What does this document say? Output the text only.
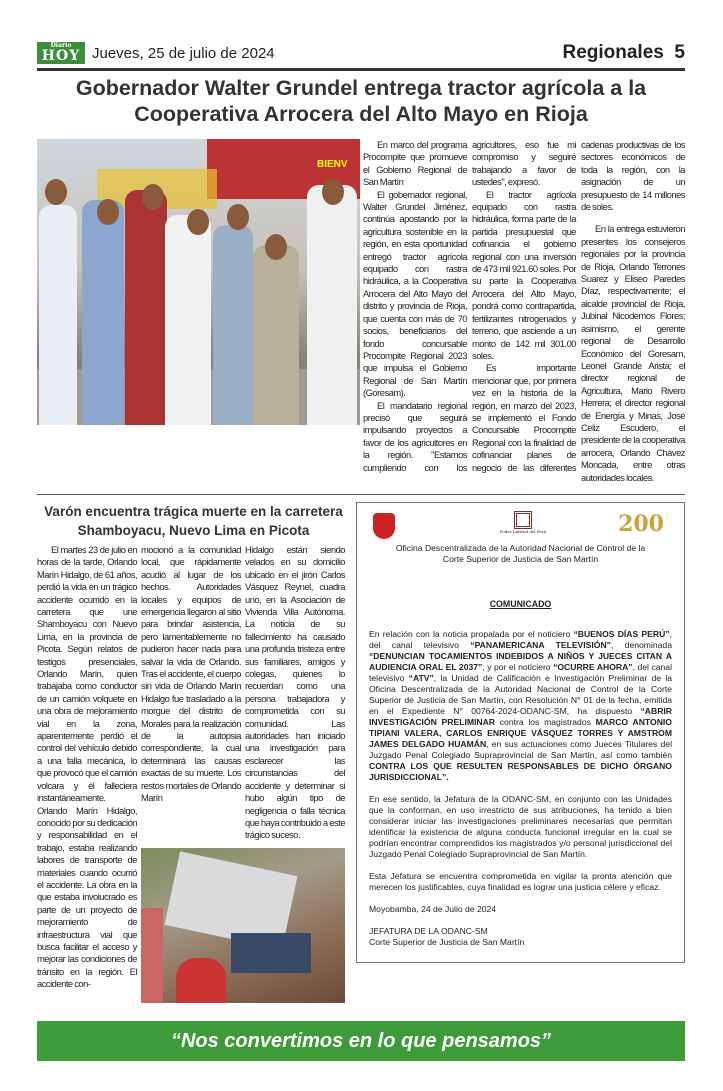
Diario
HOY Jueves, 25 de julio de 2024	Regionales 5
Gobernador Walter Grundel entrega tractor agrícola a la Cooperativa Arrocera del Alto Mayo en Rioja
BIENV

En marco del programa Procompite que promueve el Gobierno Regional de San Martín

El gobernador regional, Walter Grundel Jiménez, continúa apostando por la agricultura sostenible en la región, en esta oportunidad entregó tractor agrícola equipado con rastra hidráulica, a la Cooperativa Arrocera del Alto Mayo del distrito y provincia de Rioja, que cuenta con más de 70 socios, beneficiarios del fondo concursable Procompite Regional 2023 que impulsa el Gobierno Regional de San Martín (Goresam).

El mandatario regional precisó que seguirá impulsando proyectos a favor de los agricultores en la región. "Estamos cumpliendo con los agricultores, eso fue mi compromiso y seguiré trabajando a favor de ustedes", expresó.

El tractor agrícola equipado con rastra hidráulica, forma parte de la partida presupuestal que cofinancia el gobierno regional con una inversión de 473 mil 921.60 soles. Por su parte la Cooperativa Arrocera del Alto Mayo, pondrá como contrapartida, fertilizantes nitrogenados y terreno, que asciende a un monto de 142 mil 301.00 soles.

Es importante mencionar que, por primera vez en la historia de la región, en marzo del 2023, se implementó el Fondo Concursable Procompite Regional con la finalidad de cofinanciar planes de negocio de las diferentes cadenas productivas de los sectores económicos de toda la región, con la asignación de un presupuesto de 14 millones de soles.

En la entrega estuvieron presentes los consejeros regionales por la provincia de Rioja, Orlando Terrones Suarez y Eliseo Paredes Díaz, respectivamente; el alcalde provincial de Rioja, Jubinal Nicodemos Flores; asimismo, el gerente regional de Desarrollo Económico del Goresam, Leonel Grande Arista; el director regional de Agricultura, Mario Rivero Herrera; el director regional de Energía y Minas, José Celiz Escudero, el presidente de la cooperativa arrocera, Orlando Chávez Moncada, entre otras autoridades locales.

Varón encuentra trágica muerte en la carretera Shamboyacu, Nuevo Lima en Picota

El martes 23 de julio en horas de la tarde, Orlando Marín Hidalgo, de 61 años, perdió la vida en un trágico accidente ocurrido en la carretera que une Shamboyacu con Nuevo Lima, en la provincia de Picota. Según relatos de testigos presenciales, Orlando Marín, quien trabajaba como conductor de un camión volquete en una obra de mejoramiento vial en la zona, aparentemente perdió el control del vehículo debido a una falla mecánica, lo que provocó que el camión volcara y él falleciera instantáneamente. Orlando Marín Hidalgo, conocido por su dedicación y responsabilidad en el trabajo, estaba realizando labores de transporte de materiales cuando ocurrió el accidente. La obra en la que estaba involucrado es parte de un proyecto de mejoramiento de infraestructura vial que busca facilitar el acceso y mejorar las condiciones de tránsito en la región. El accidente con-

mocionó a la comunidad local, que rápidamente acudió al lugar de los hechos. Autoridades locales y equipos de emergencia llegaron al sitio para brindar asistencia, pero lamentablemente no pudieron hacer nada para salvar la vida de Orlando. Tras el accidente, el cuerpo sin vida de Orlando Marín Hidalgo fue trasladado a la morgue del distrito de Morales para la realización de la autopsia correspondiente, la cual determinará las causas exactas de su muerte. Los restos mortales de Orlando Marín

Hidalgo están siendo velados en su domicilio ubicado en el jirón Carlos Vásquez Reynel, cuadra uno, en la Asociación de Vivienda Villa Autónoma. La noticia de su fallecimiento ha causado una profunda tristeza entre sus familiares, amigos y colegas, quienes lo recuerdan como una persona trabajadora y comprometida con su comunidad. Las autoridades han iniciado una investigación para esclarecer las circunstancias del accidente y determinar si hubo algún tipo de negligencia o falla técnica que haya contribuido a este trágico suceso.

Poder Judicial del Perú	200
Oficina Descentralizada de la Autoridad Nacional de Control de la Corte Superior de Justicia de San Martín
COMUNICADO
En relación con la noticia propalada por el noticiero “BUENOS DÍAS PERÚ”, del canal televisivo “PANAMERICANA TELEVISIÓN”, denominada “DENUNCIAN TOCAMIENTOS INDEBIDOS A NIÑOS Y JUECES CITAN A AUDIENCIA ORAL EL 2037”, y por el noticiero “OCURRE AHORA”, del canal televisivo “ATV”, la Unidad de Calificación e Investigación Preliminar de la Oficina Descentralizada de la Autoridad Nacional de Control de la Corte Superior de Justicia de San Martín, con Resolución N° 01 de la fecha, emitida en el Expediente N° 00764-2024-ODANC-SM, ha dispuesto “ABRIR INVESTIGACIÓN PRELIMINAR contra los magistrados MARCO ANTONIO TIPIANI VALERA, CARLOS ENRIQUE VÁSQUEZ TORRES Y AMSTROM JAMES DELGADO HUAMÁN, en sus actuaciones como Jueces Titulares del Juzgado Penal Colegiado Supraprovincial de San Martín, así como también CONTRA LOS QUE RESULTEN RESPONSABLES DE DICHO ÓRGANO JURISDICCIONAL”.
En ese sentido, la Jefatura de la ODANC-SM, en conjunto con las Unidades que la conforman, en uso irrestricto de sus atribuciones, ha tenido a bien considerar iniciar las investigaciones preliminares necesarias que permitan identificar la existencia de alguna conducta funcional irregular en la cual se podrían encontrar comprendidos los magistrados y/o personal jurisdiccional del Juzgado Penal Colegiado Supraprovincial de San Martín.
Esta Jefatura se encuentra comprometida en vigilar la pronta atención que merecen los justificables, cuya finalidad es lograr una justicia célere y eficaz.
Moyobamba, 24 de Julio de 2024
JEFATURA DE LA ODANC-SM
Corte Superior de Justicia de San Martín
“Nos convertimos en lo que pensamos”
